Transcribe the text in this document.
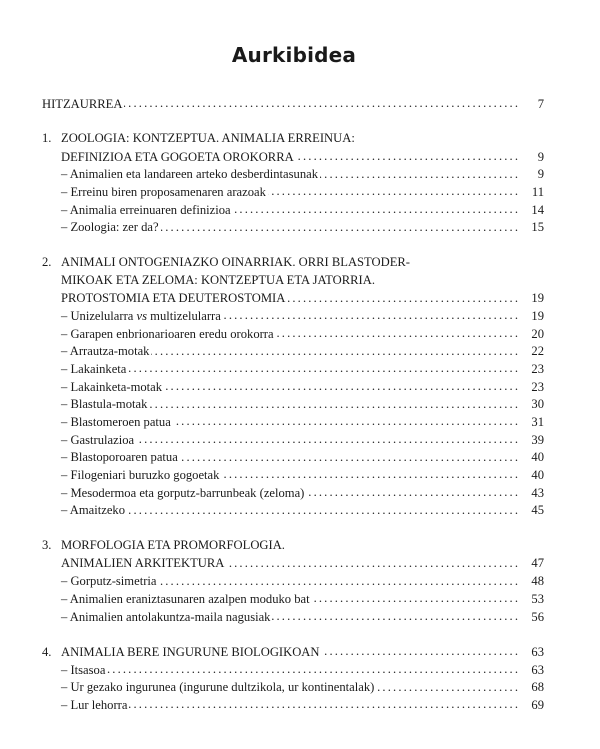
Aurkibidea
HITZAURREA . . .	7
1. ZOOLOGIA: KONTZEPTUA. ANIMALIA ERREINUA:
DEFINIZIOA ETA GOGOETA OROKORRA . . .	9
– Animalien eta landareen arteko desberdintasunak . . .	9
– Erreinu biren proposamenaren arazoak . . .	11
– Animalia erreinuaren definizioa . . .	14
– Zoologia: zer da? . . .	15
2. ANIMALI ONTOGENIAZKO OINARRIAK. ORRI BLASTODER-
MIKOAK ETA ZELOMA: KONTZEPTUA ETA JATORRIA.
PROTOSTOMIA ETA DEUTEROSTOMIA . . .	19
– Unizelularra vs multizelularra . . .	19
– Garapen enbrionarioaren eredu orokorra . . .	20
– Arrautza-motak . . .	22
– Lakainketa . . .	23
– Lakainketa-motak . . .	23
– Blastula-motak . . .	30
– Blastomeroen patua . . .	31
– Gastrulazioa . . .	39
– Blastoporoaren patua . . .	40
– Filogeniari buruzko gogoetak . . .	40
– Mesodermoa eta gorputz-barrunbeak (zeloma) . . .	43
– Amaitzeko . . .	45
3. MORFOLOGIA ETA PROMORFOLOGIA.
ANIMALIEN ARKITEKTURA . . .	47
– Gorputz-simetria . . .	48
– Animalien eraniztasunaren azalpen moduko bat . . .	53
– Animalien antolakuntza-maila nagusiak . . .	56
4. ANIMALIA BERE INGURUNE BIOLOGIKOAN . . .	63
– Itsasoa . . .	63
– Ur gezako ingurunea (ingurune dultzikola, ur kontinentalak) . . .	68
– Lur lehorra . . .	69
